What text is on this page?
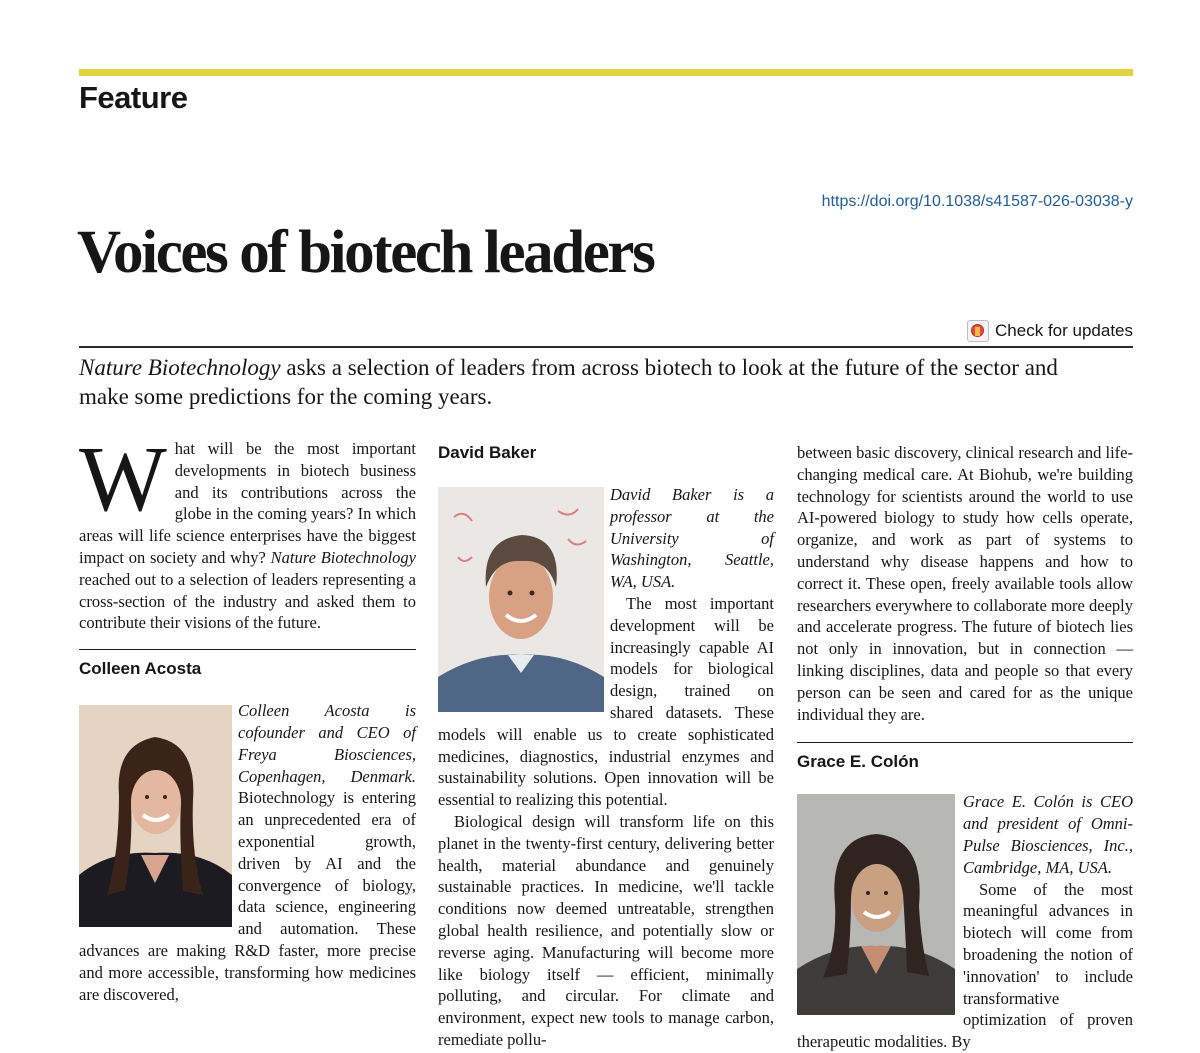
Feature
https://doi.org/10.1038/s41587-026-03038-y
Voices of biotech leaders
Check for updates
Nature Biotechnology asks a selection of leaders from across biotech to look at the future of the sector and make some predictions for the coming years.
What will be the most important developments in biotech business and its contributions across the globe in the coming years? In which areas will life science enterprises have the biggest impact on society and why? Nature Biotechnology reached out to a selection of leaders representing a cross-section of the industry and asked them to contribute their visions of the future.
Colleen Acosta

Colleen Acosta is cofounder and CEO of Freya Biosciences, Copenhagen, Denmark. Biotechnology is entering an unprecedented era of exponential growth, driven by AI and the convergence of biology, data science, engineering and automation. These advances are making R&D faster, more precise and more accessible, transforming how medicines are discovered,

David Baker

David Baker is a professor at the University of Washington, Seattle, WA, USA.

The most important development will be increasingly capable AI models for biological design, trained on shared datasets. These models will enable us to create sophisticated medicines, diagnostics, industrial enzymes and sustainability solutions. Open innovation will be essential to realizing this potential.

Biological design will transform life on this planet in the twenty-first century, delivering better health, material abundance and genuinely sustainable practices. In medicine, we'll tackle conditions now deemed untreatable, strengthen global health resilience, and potentially slow or reverse aging. Manufacturing will become more like biology itself — efficient, minimally polluting, and circular. For climate and environment, expect new tools to manage carbon, remediate pollu-

between basic discovery, clinical research and life-changing medical care. At Biohub, we're building technology for scientists around the world to use AI-powered biology to study how cells operate, organize, and work as part of systems to understand why disease happens and how to correct it. These open, freely available tools allow researchers everywhere to collaborate more deeply and accelerate progress. The future of biotech lies not only in innovation, but in connection — linking disciplines, data and people so that every person can be seen and cared for as the unique individual they are.
Grace E. Colón

Grace E. Colón is CEO and president of Omni-Pulse Biosciences, Inc., Cambridge, MA, USA.

Some of the most meaningful advances in biotech will come from broadening the notion of 'innovation' to include transformative optimization of proven therapeutic modalities. By
